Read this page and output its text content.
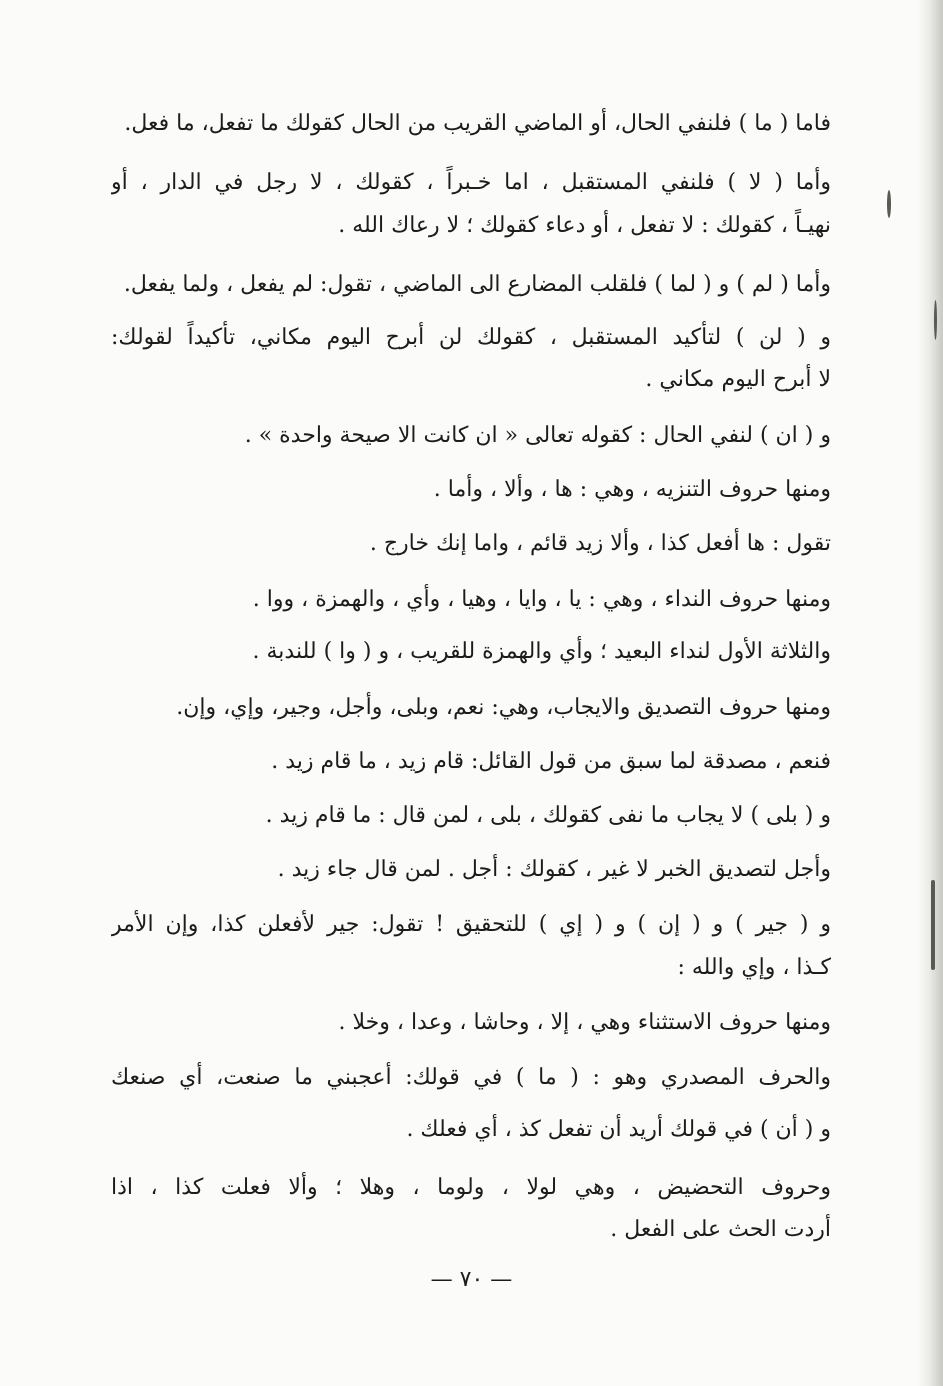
فاما ( ما ) فلنفي الحال، أو الماضي القريب من الحال كقولك ما تفعل، ما فعل.
وأما ( لا ) فلنفي المستقبل ، اما خـبراً ، كقولك ، لا رجل في الدار ، أو
نهيـاً ، كقولك : لا تفعل ، أو دعاء كقولك ؛ لا رعاك الله .
وأما ( لم ) و ( لما ) فلقلب المضارع الى الماضي ، تقول: لم يفعل ، ولما يفعل.
و ( لن ) لتأكيد المستقبل ، كقولك لن أبرح اليوم مكاني، تأكيداً لقولك:
لا أبرح اليوم مكاني .
و ( ان ) لنفي الحال : كقوله تعالى « ان كانت الا صيحة واحدة » .
ومنها حروف التنزيه ، وهي : ها ، وألا ، وأما .
تقول : ها أفعل كذا ، وألا زيد قائم ، واما إنك خارج .
ومنها حروف النداء ، وهي : يا ، وايا ، وهيا ، وأي ، والهمزة ، ووا .
والثلاثة الأول لنداء البعيد ؛ وأي والهمزة للقريب ، و ( وا ) للندبة .
ومنها حروف التصديق والايجاب، وهي: نعم، وبلى، وأجل، وجير، وإي، وإن.
فنعم ، مصدقة لما سبق من قول القائل: قام زيد ، ما قام زيد .
و ( بلى ) لا يجاب ما نفى كقولك ، بلى ، لمن قال : ما قام زيد .
وأجل لتصديق الخبر لا غير ، كقولك : أجل . لمن قال جاء زيد .
و ( جير ) و ( إن ) و ( إي ) للتحقيق ! تقول: جير لأفعلن كذا، وإن الأمر
كـذا ، وإي والله :
ومنها حروف الاستثناء وهي ، إلا ، وحاشا ، وعدا ، وخلا .
والحرف المصدري وهو : ( ما ) في قولك: أعجبني ما صنعت، أي صنعك
و ( أن ) في قولك أريد أن تفعل كذ ، أي فعلك .
وحروف التحضيض ، وهي لولا ، ولوما ، وهلا ؛ وألا فعلت كذا ، اذا
أردت الحث على الفعل .
— ٧٠ —
